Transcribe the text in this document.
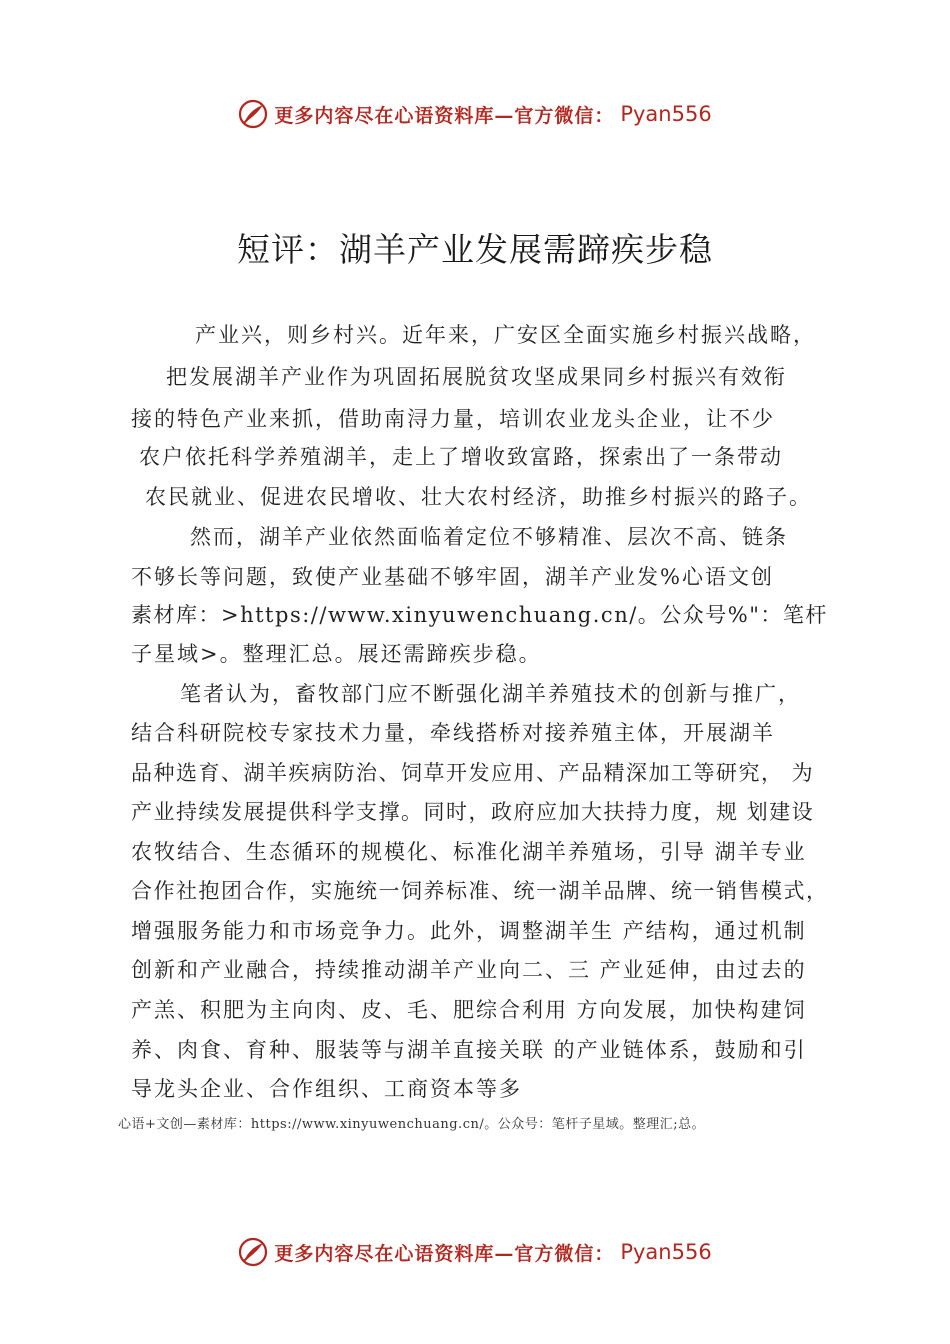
更多内容尽在心语资料库—官方微信： Pyan556
短评：湖羊产业发展需蹄疾步稳
产业兴，则乡村兴。近年来，广安区全面实施乡村振兴战略，
把发展湖羊产业作为巩固拓展脱贫攻坚成果同乡村振兴有效衔
接的特色产业来抓，借助南浔力量，培训农业龙头企业，让不少
农户依托科学养殖湖羊，走上了增收致富路，探索出了一条带动
农民就业、促进农民增收、壮大农村经济，助推乡村振兴的路子。
然而，湖羊产业依然面临着定位不够精准、层次不高、链条
不够长等问题，致使产业基础不够牢固，湖羊产业发%心语文创
素材库：>https://www.xinyuwenchuang.cn/。公众号%"：笔杆
子星域>。整理汇总。展还需蹄疾步稳。
笔者认为，畜牧部门应不断强化湖羊养殖技术的创新与推广，
结合科研院校专家技术力量，牵线搭桥对接养殖主体，开展湖羊
品种选育、湖羊疾病防治、饲草开发应用、产品精深加工等研究， 为
产业持续发展提供科学支撑。同时，政府应加大扶持力度，规 划建设
农牧结合、生态循环的规模化、标准化湖羊养殖场，引导 湖羊专业
合作社抱团合作，实施统一饲养标准、统一湖羊品牌、统一销售模式，
增强服务能力和市场竞争力。此外，调整湖羊生 产结构，通过机制
创新和产业融合，持续推动湖羊产业向二、三 产业延伸，由过去的
产羔、积肥为主向肉、皮、毛、肥综合利用 方向发展，加快构建饲
养、肉食、育种、服装等与湖羊直接关联 的产业链体系，鼓励和引
导龙头企业、合作组织、工商资本等多
心语+文创—素材库：https://www.xinyuwenchuang.cn/。公众号：笔杆子星域。整理汇;总。
更多内容尽在心语资料库—官方微信： Pyan556
